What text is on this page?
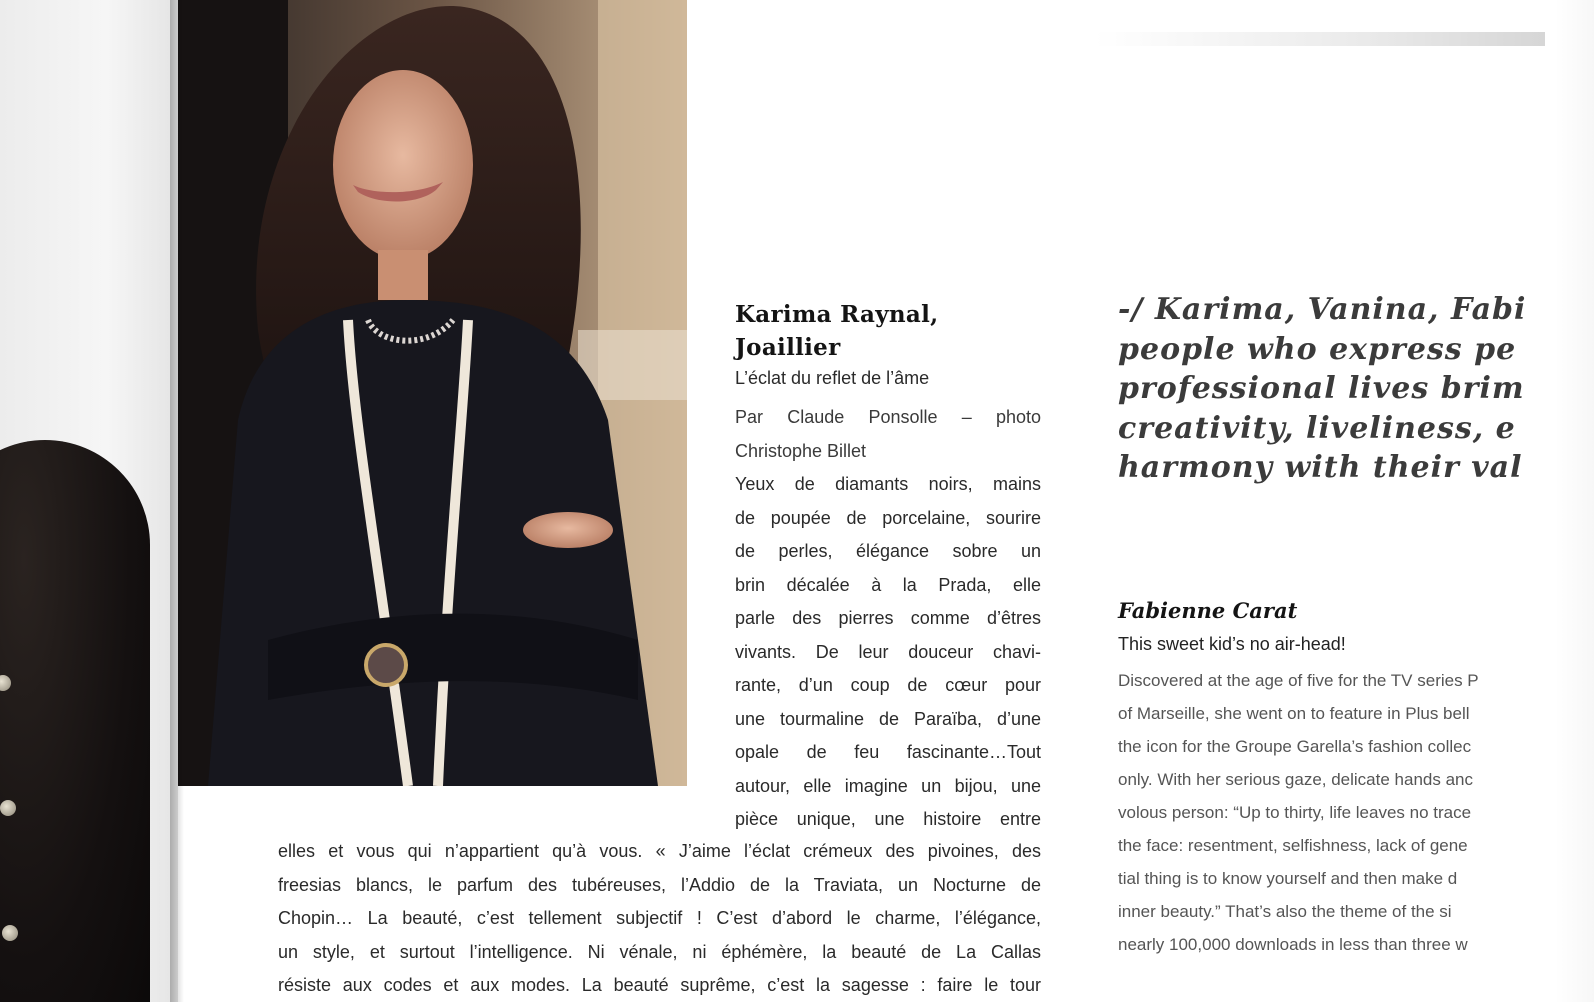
Karima Raynal,
Joaillier

L’éclat du reflet de l’âme

Par Claude Ponsolle – photo Christophe Billet

Yeux de diamants noirs, mains
de poupée de porcelaine, sourire
de perles, élégance sobre un
brin décalée à la Prada, elle
parle des pierres comme d’êtres
vivants. De leur douceur chavi-
rante, d’un coup de cœur pour
une tourmaline de Paraïba, d’une
opale de feu fascinante…Tout
autour, elle imagine un bijou, une
pièce unique, une histoire entre

elles et vous qui n’appartient qu’à vous. « J’aime l’éclat crémeux des pivoines, des
freesias blancs, le parfum des tubéreuses, l’Addio de la Traviata, un Nocturne de
Chopin… La beauté, c’est tellement subjectif ! C’est d’abord le charme, l’élégance,
un style, et surtout l’intelligence. Ni vénale, ni éphémère, la beauté de La Callas
résiste aux codes et aux modes. La beauté suprême, c’est la sagesse : faire le tour

-/ Karima, Vanina, Fabi
people who express pe
professional lives brim
creativity, liveliness, e
harmony with their val
Fabienne Carat

This sweet kid’s no air-head!

Discovered at the age of five for the TV series P
of Marseille, she went on to feature in Plus bell
the icon for the Groupe Garella’s fashion collec
only. With her serious gaze, delicate hands anc
volous person: “Up to thirty, life leaves no trace
the face: resentment, selfishness, lack of gene
tial thing is to know yourself and then make d
inner beauty.” That’s also the theme of the si
nearly 100,000 downloads in less than three w
